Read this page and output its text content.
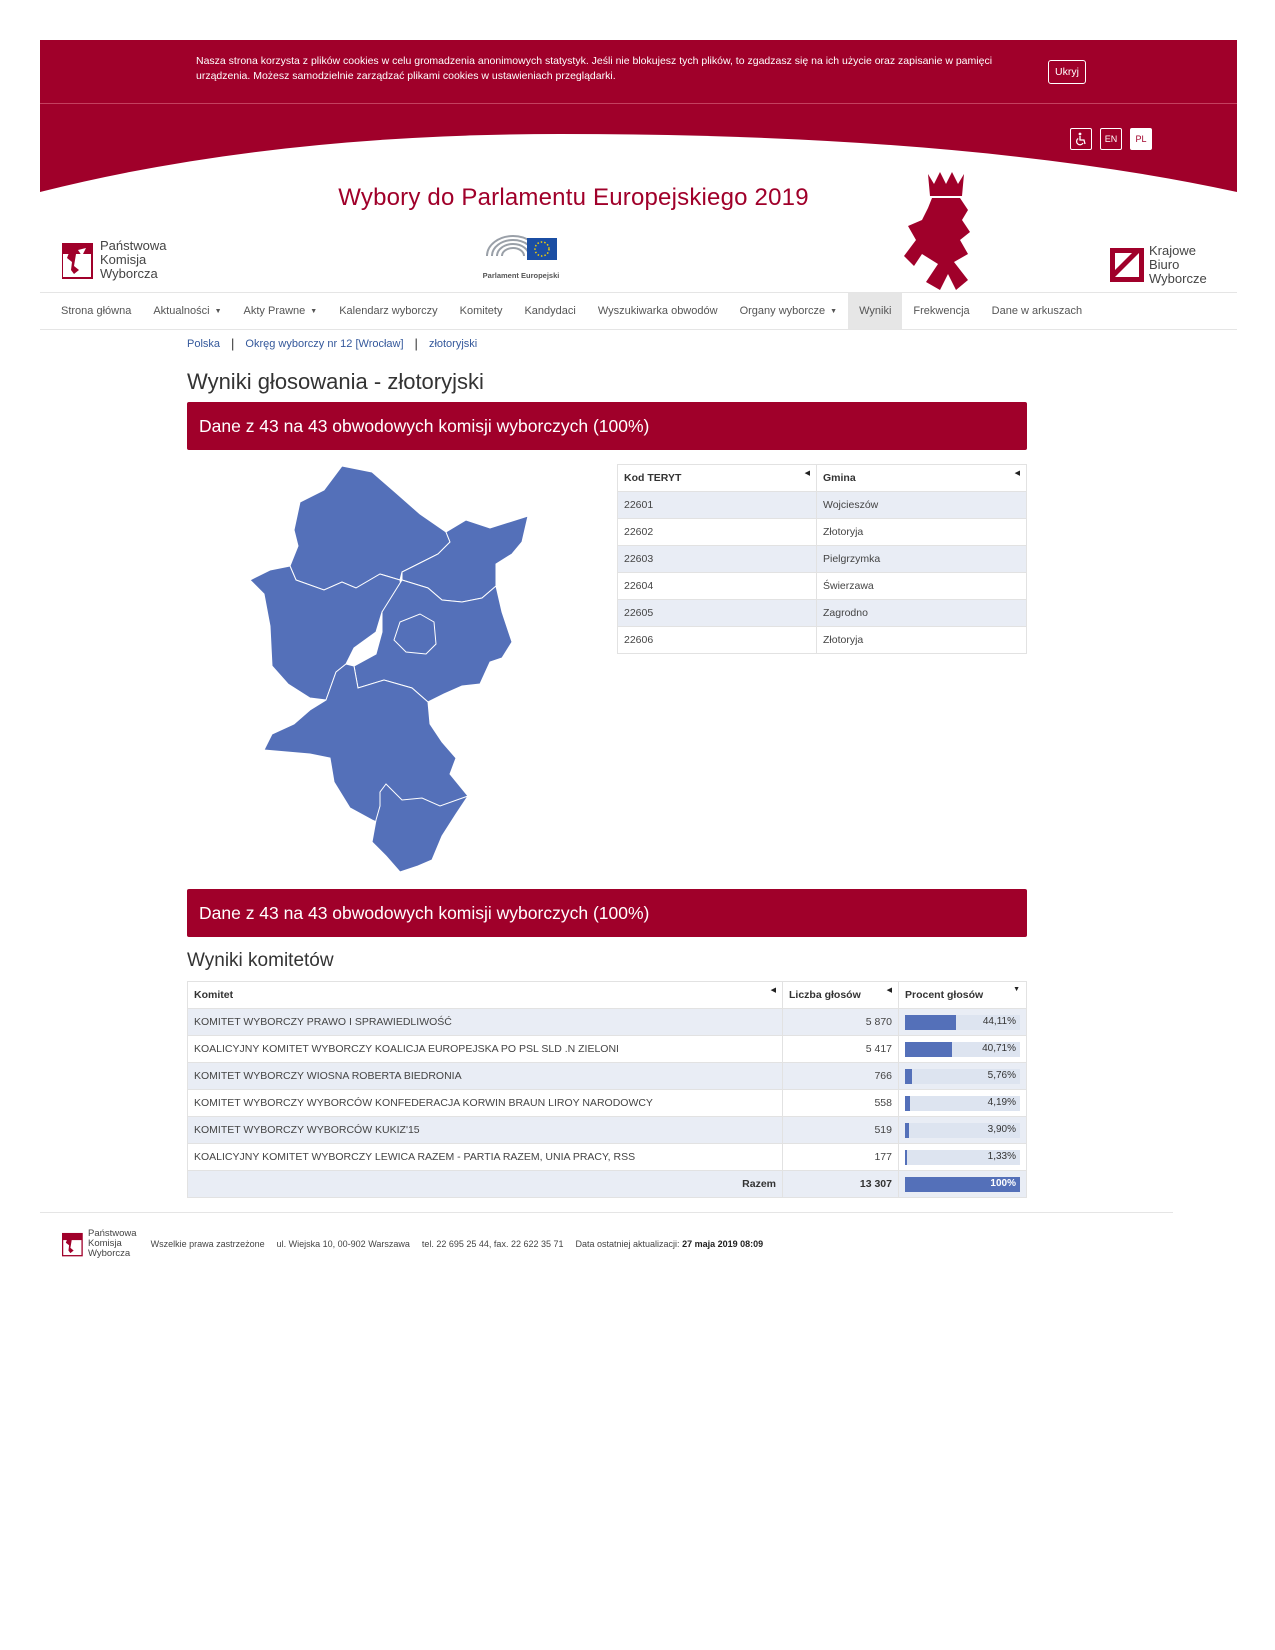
Nasza strona korzysta z plików cookies w celu gromadzenia anonimowych statystyk. Jeśli nie blokujesz tych plików, to zgadzasz się na ich użycie oraz zapisanie w pamięci urządzenia. Możesz samodzielnie zarządzać plikami cookies w ustawieniach przeglądarki.	Ukryj
EN	PL
Wybory do Parlamentu Europejskiego 2019
Państwowa
Komisja
Wyborcza	Parlament Europejski
Krajowe
Biuro
Wyborcze
Strona główna Aktualności ▼ Akty Prawne ▼ Kalendarz wyborczy Komitety Kandydaci Wyszukiwarka obwodów Organy wyborcze ▼ Wyniki Frekwencja Dane w arkuszach
Polska | Okręg wyborczy nr 12 [Wrocław] | złotoryjski
Wyniki głosowania - złotoryjski
Dane z 43 na 43 obwodowych komisji wyborczych (100%)
Kod TERYT ◀	Gmina ◀

22601	Wojcieszów
22602	Złotoryja
22603	Pielgrzymka
22604	Świerzawa
22605	Zagrodno
22606	Złotoryja
Dane z 43 na 43 obwodowych komisji wyborczych (100%)
Wyniki komitetów
Komitet ◀	Liczba głosów ◀	Procent głosów ▼

KOMITET WYBORCZY PRAWO I SPRAWIEDLIWOŚĆ	5 870	44,11%

KOALICYJNY KOMITET WYBORCZY KOALICJA EUROPEJSKA PO PSL SLD .N ZIELONI	5 417	40,71%

KOMITET WYBORCZY WIOSNA ROBERTA BIEDRONIA	766	5,76%

KOMITET WYBORCZY WYBORCÓW KONFEDERACJA KORWIN BRAUN LIROY NARODOWCY	558	4,19%

KOMITET WYBORCZY WYBORCÓW KUKIZ'15	519	3,90%

KOALICYJNY KOMITET WYBORCZY LEWICA RAZEM - PARTIA RAZEM, UNIA PRACY, RSS	177	1,33%

Razem	13 307	100%
Państwowa
Komisja
Wyborcza
Wszelkie prawa zastrzeżone ul. Wiejska 10, 00-902 Warszawa tel. 22 695 25 44, fax. 22 622 35 71 Data ostatniej aktualizacji:
27 maja 2019 08:09
